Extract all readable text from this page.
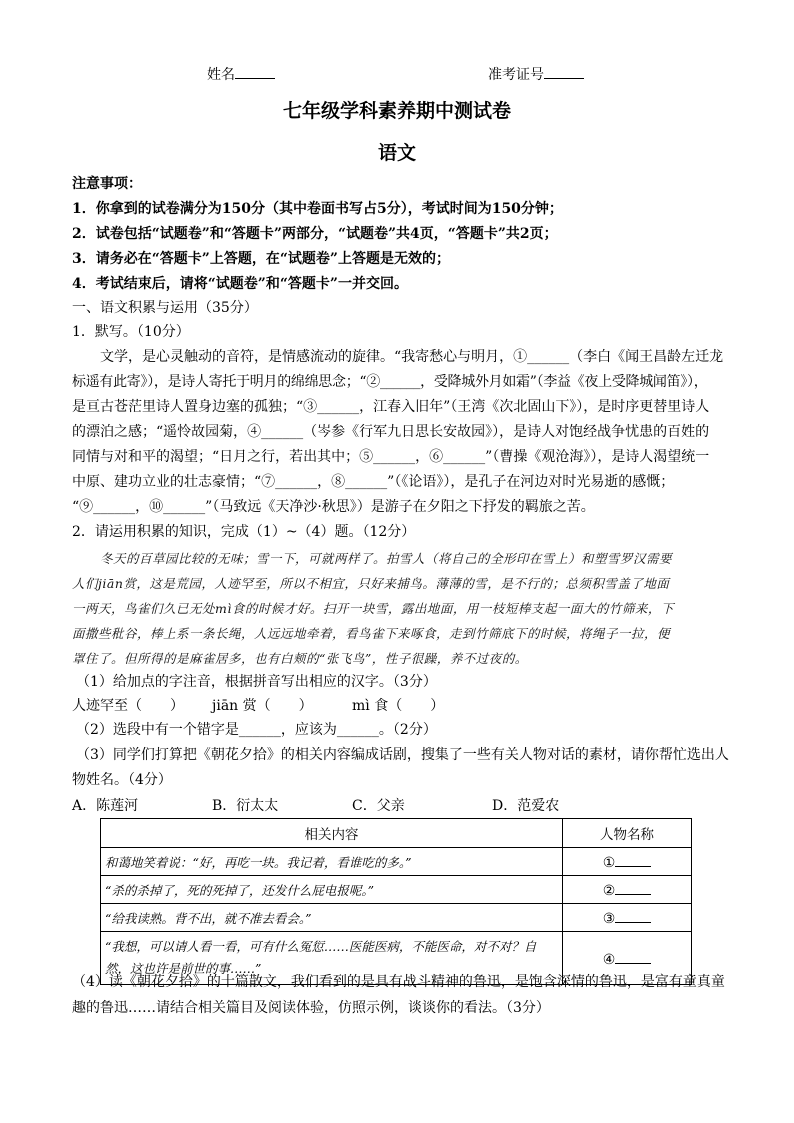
姓名	准考证号
七年级学科素养期中测试卷
语文
注意事项：
1．你拿到的试卷满分为150分（其中卷面书写占5分），考试时间为150分钟；
2．试卷包括“试题卷”和“答题卡”两部分，“试题卷”共4页，“答题卡”共2页；
3．请务必在“答题卡”上答题，在“试题卷”上答题是无效的；
4．考试结束后，请将“试题卷”和“答题卡”一并交回。
一、语文积累与运用（35分）
1．默写。（10分）
文学，是心灵触动的音符，是情感流动的旋律。“我寄愁心与明月，①______（李白《闻王昌龄左迁龙
标遥有此寄》），是诗人寄托于明月的绵绵思念；“②______，受降城外月如霜”（李益《夜上受降城闻笛》），
是亘古苍茫里诗人置身边塞的孤独；“③______，江春入旧年”（王湾《次北固山下》），是时序更替里诗人
的漂泊之感；“遥怜故园菊，④______（岑参《行军九日思长安故园》），是诗人对饱经战争忧患的百姓的
同情与对和平的渴望；“日月之行，若出其中；⑤______，⑥______”（曹操《观沧海》），是诗人渴望统一
中原、建功立业的壮志豪情；“⑦______，⑧______”（《论语》），是孔子在河边对时光易逝的感慨；
“⑨______，⑩______”（马致远《天净沙·秋思》）是游子在夕阳之下抒发的羁旅之苦。
2．请运用积累的知识，完成（1）~（4）题。（12分）
冬天的百草园比较的无味；雪一下，可就两样了。拍雪人（将自己的全形印在雪上）和塑雪罗汉需要
人们jiān赏，这是荒园，人迹罕至，所以不相宜，只好来捕鸟。薄薄的雪，是不行的；总须积雪盖了地面
一两天，鸟雀们久已无处mì食的时候才好。扫开一块雪，露出地面，用一枝短棒支起一面大的竹筛来，下
面撒些秕谷，棒上系一条长绳，人远远地牵着，看鸟雀下来啄食，走到竹筛底下的时候，将绳子一拉，便
罩住了。但所得的是麻雀居多，也有白颊的“张飞鸟”，性子很躁，养不过夜的。
（1）给加点的字注音，根据拼音写出相应的汉字。（3分）
人迹罕至（　　） jiān 赏（　　）	mì 食（　　）
（2）选段中有一个错字是______，应该为______。（2分）
（3）同学们打算把《朝花夕拾》的相关内容编成话剧，搜集了一些有关人物对话的素材，请你帮忙选出人
物姓名。（4分）
A．陈莲河	B．衍太太	C．父亲	D．范爱农
相关内容	人物名称
和蔼地笑着说：“好，再吃一块。我记着，看谁吃的多。”	①
“杀的杀掉了，死的死掉了，还发什么屁电报呢。”	②
“给我读熟。背不出，就不准去看会。”	③
“我想，可以请人看一看，可有什么冤愆……医能医病，不能医命，对不对？自然，这也许是前世的事……”	④
（4）读《朝花夕拾》的十篇散文，我们看到的是具有战斗精神的鲁迅，是饱含深情的鲁迅，是富有童真童
趣的鲁迅……请结合相关篇目及阅读体验，仿照示例，谈谈你的看法。（3分）
